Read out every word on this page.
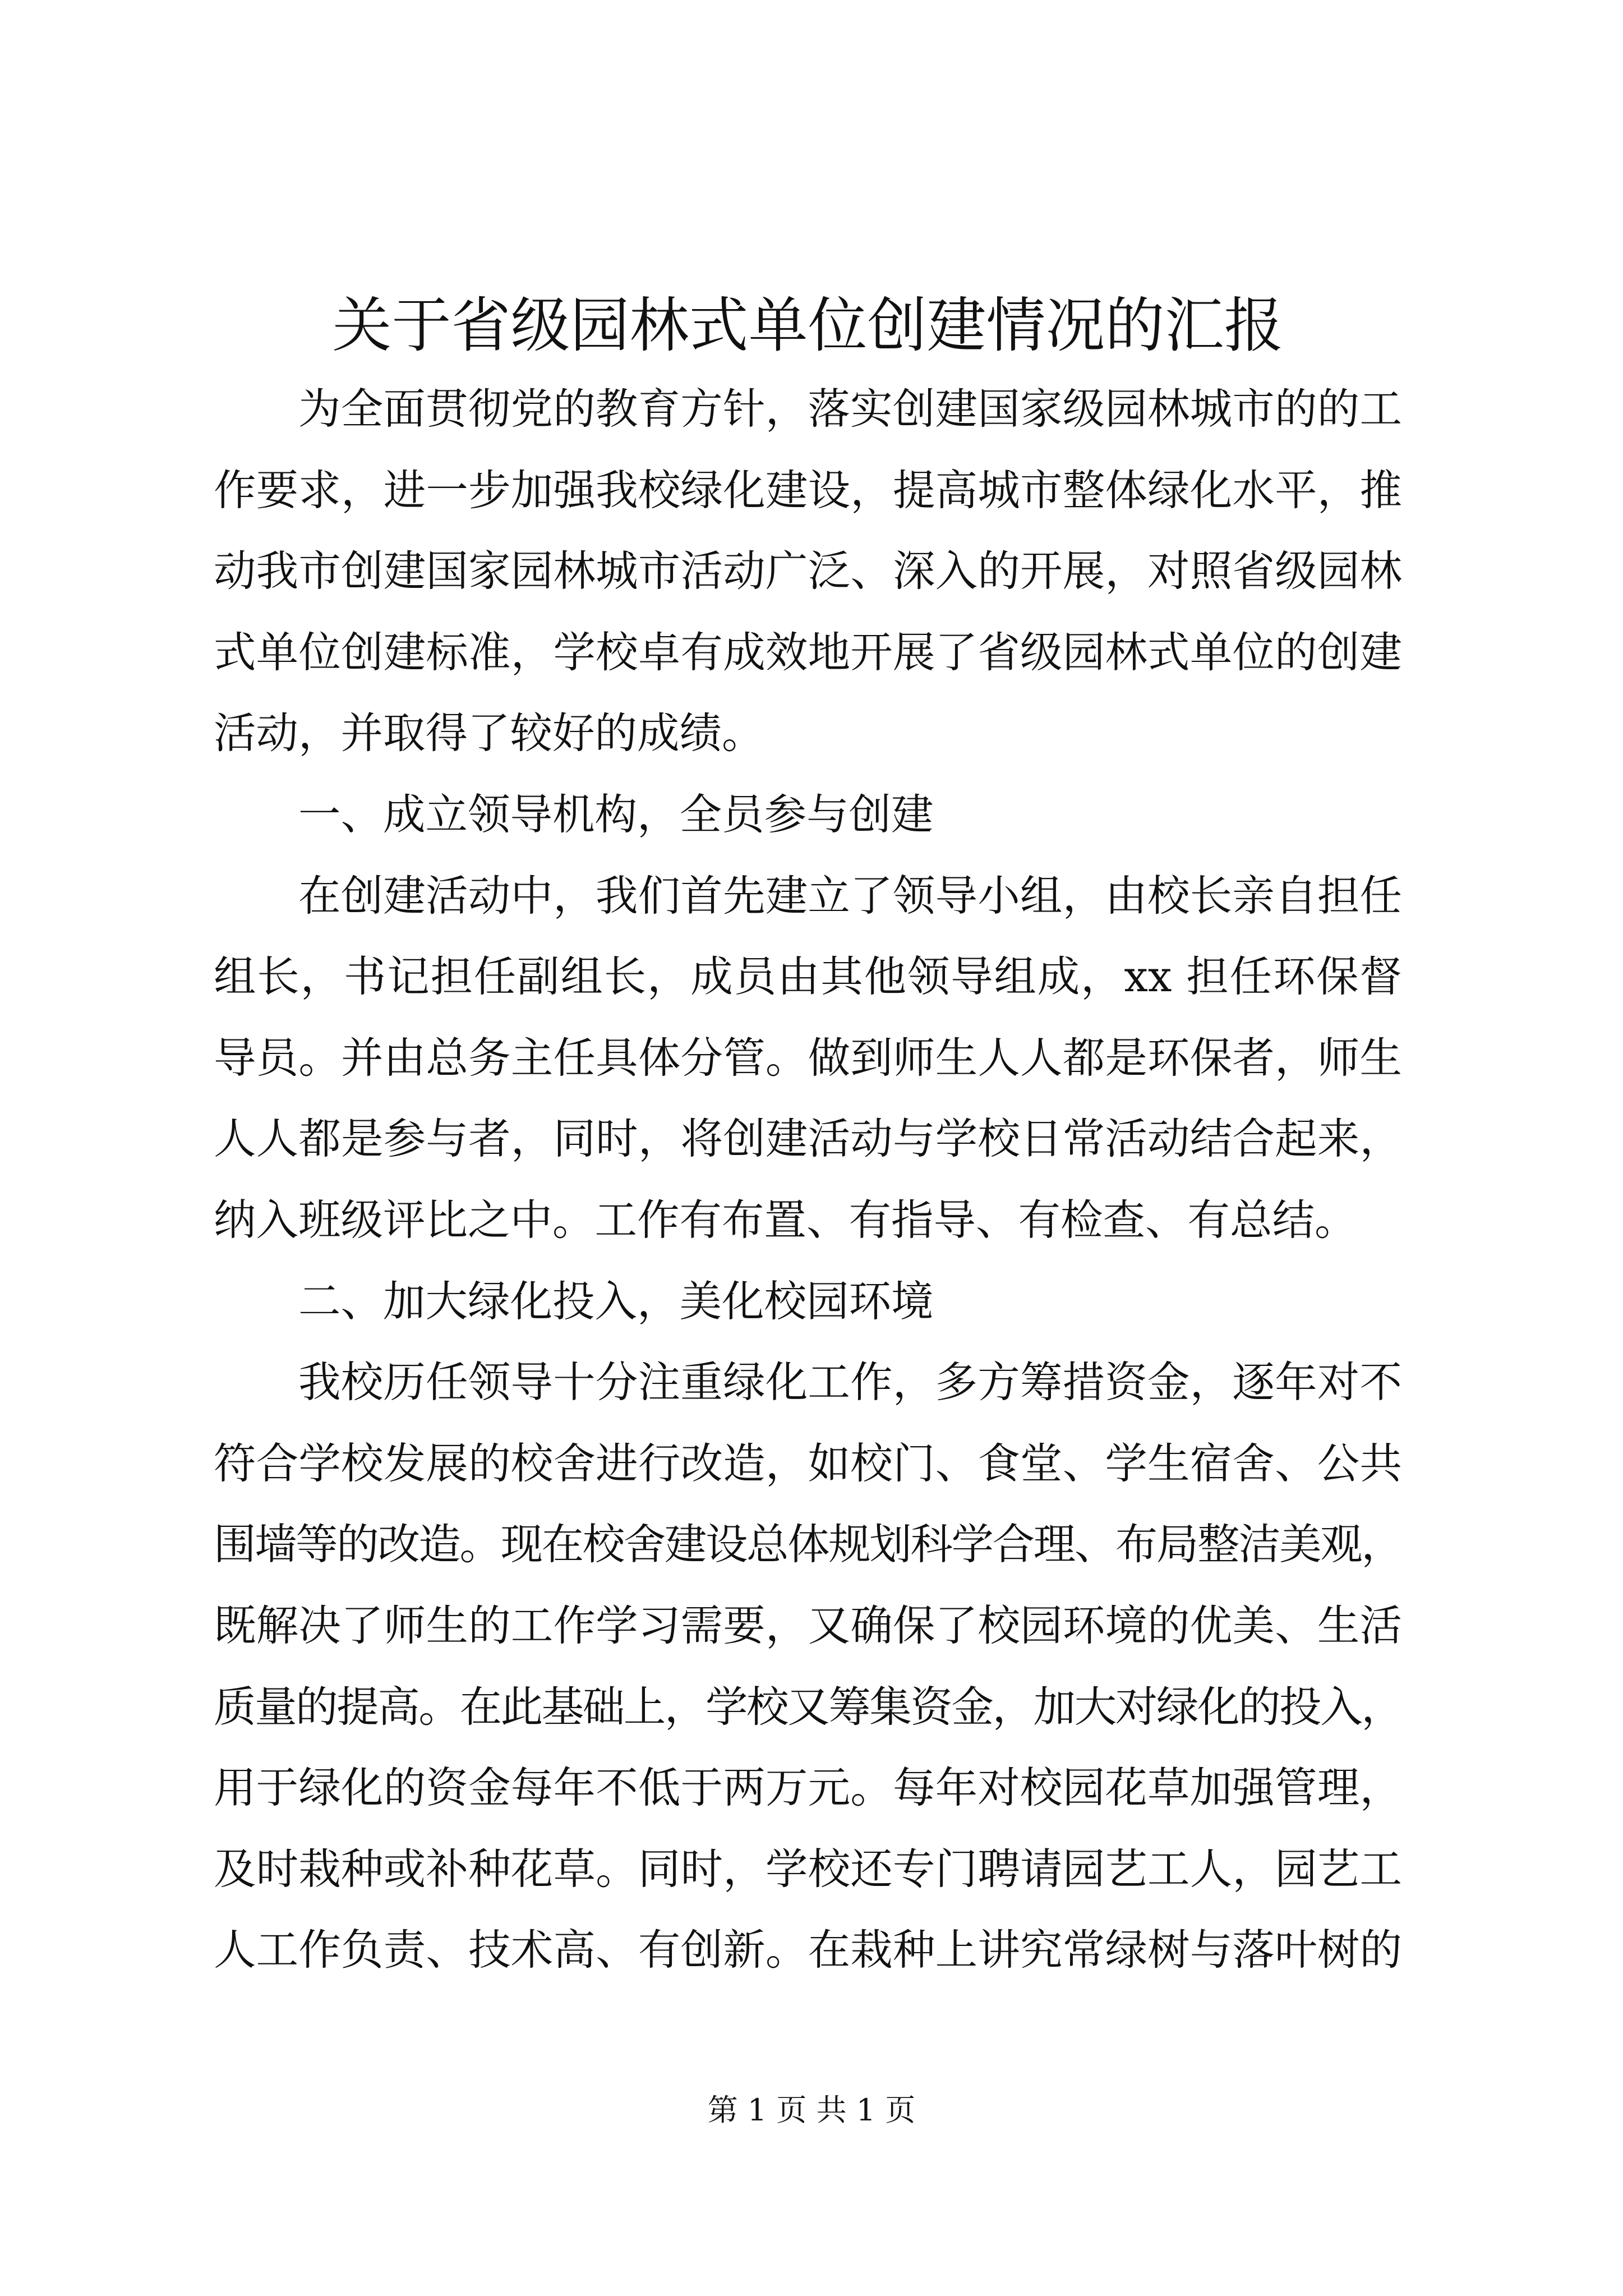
关于省级园林式单位创建情况的汇报
为全面贯彻党的教育方针，落实创建国家级园林城市的的工
作要求，进一步加强我校绿化建设，提高城市整体绿化水平，推
动我市创建国家园林城市活动广泛、深入的开展，对照省级园林
式单位创建标准，学校卓有成效地开展了省级园林式单位的创建
活动，并取得了较好的成绩。
一、成立领导机构，全员参与创建
在创建活动中，我们首先建立了领导小组，由校长亲自担任
组长，书记担任副组长，成员由其他领导组成，xx 担任环保督
导员。并由总务主任具体分管。做到师生人人都是环保者，师生
人人都是参与者，同时，将创建活动与学校日常活动结合起来，
纳入班级评比之中。工作有布置、有指导、有检查、有总结。
二、加大绿化投入，美化校园环境
我校历任领导十分注重绿化工作，多方筹措资金，逐年对不
符合学校发展的校舍进行改造，如校门、食堂、学生宿舍、公共
围墙等的改造。现在校舍建设总体规划科学合理、布局整洁美观，
既解决了师生的工作学习需要，又确保了校园环境的优美、生活
质量的提高。在此基础上，学校又筹集资金，加大对绿化的投入，
用于绿化的资金每年不低于两万元。每年对校园花草加强管理，
及时栽种或补种花草。同时，学校还专门聘请园艺工人，园艺工
人工作负责、技术高、有创新。在栽种上讲究常绿树与落叶树的
第 1 页 共 1 页
